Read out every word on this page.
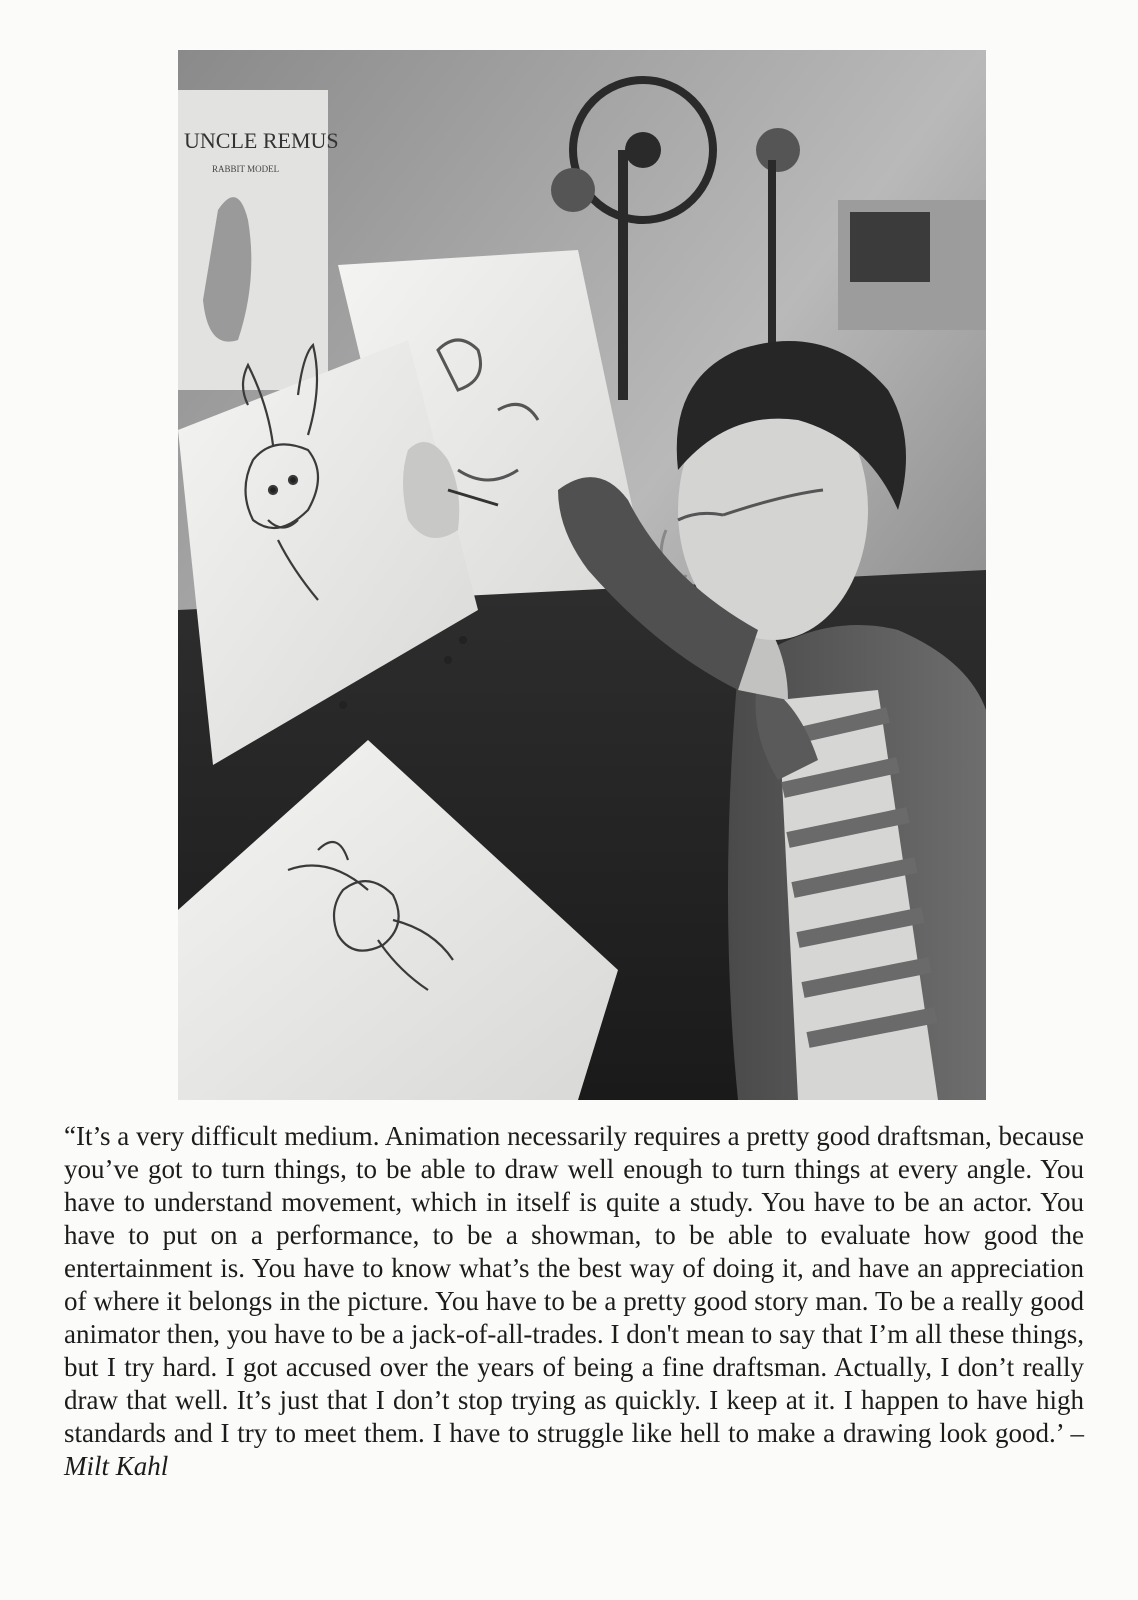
UNCLE REMUS
RABBIT MODEL
“It’s a very difficult medium. Animation necessarily requires a pretty good draftsman, because you’ve got to turn things, to be able to draw well enough to turn things at every angle. You have to understand movement, which in itself is quite a study. You have to be an actor. You have to put on a performance, to be a showman, to be able to evaluate how good the entertainment is. You have to know what’s the best way of doing it, and have an appreciation of where it belongs in the picture. You have to be a pretty good story man. To be a really good animator then, you have to be a jack-of-all-trades. I don't mean to say that I’m all these things, but I try hard. I got accused over the years of being a fine draftsman. Actually, I don’t really draw that well. It’s just that I don’t stop trying as quickly. I keep at it. I happen to have high standards and I try to meet them. I have to struggle like hell to make a drawing look good.’ – Milt Kahl
